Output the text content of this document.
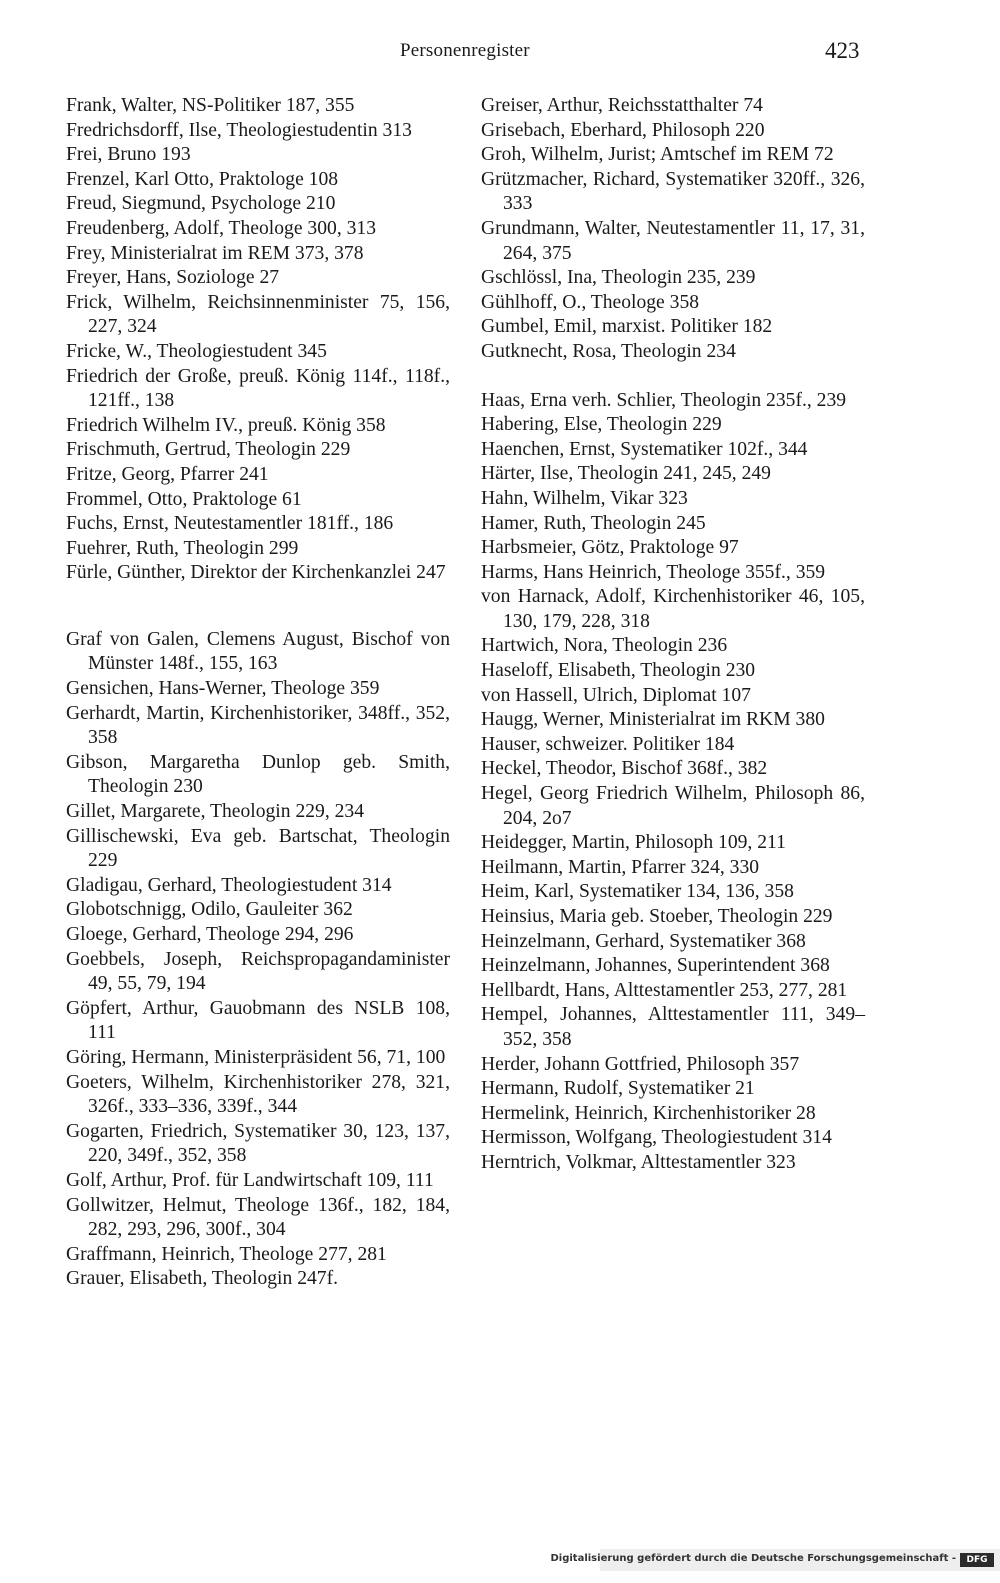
Personenregister	423

Frank, Walter, NS-Politiker 187, 355

Fredrichsdorff, Ilse, Theologiestudentin 313

Frei, Bruno 193

Frenzel, Karl Otto, Praktologe 108

Freud, Siegmund, Psychologe 210

Freudenberg, Adolf, Theologe 300, 313

Frey, Ministerialrat im REM 373, 378

Freyer, Hans, Soziologe 27

Frick, Wilhelm, Reichsinnenminister 75, 156, 227, 324

Fricke, W., Theologiestudent 345

Friedrich der Große, preuß. König 114f., 118f., 121ff., 138

Friedrich Wilhelm IV., preuß. König 358

Frischmuth, Gertrud, Theologin 229

Fritze, Georg, Pfarrer 241

Frommel, Otto, Praktologe 61

Fuchs, Ernst, Neutestamentler 181ff., 186

Fuehrer, Ruth, Theologin 299

Fürle, Günther, Direktor der Kirchenkanzlei 247

Graf von Galen, Clemens August, Bischof von Münster 148f., 155, 163

Gensichen, Hans-Werner, Theologe 359

Gerhardt, Martin, Kirchenhistoriker, 348ff., 352, 358

Gibson, Margaretha Dunlop geb. Smith, Theologin 230

Gillet, Margarete, Theologin 229, 234

Gillischewski, Eva geb. Bartschat, Theologin 229

Gladigau, Gerhard, Theologiestudent 314

Globotschnigg, Odilo, Gauleiter 362

Gloege, Gerhard, Theologe 294, 296

Goebbels, Joseph, Reichspropagandaminister 49, 55, 79, 194

Göpfert, Arthur, Gauobmann des NSLB 108, 111

Göring, Hermann, Ministerpräsident 56, 71, 100

Goeters, Wilhelm, Kirchenhistoriker 278, 321, 326f., 333–336, 339f., 344

Gogarten, Friedrich, Systematiker 30, 123, 137, 220, 349f., 352, 358

Golf, Arthur, Prof. für Landwirtschaft 109, 111

Gollwitzer, Helmut, Theologe 136f., 182, 184, 282, 293, 296, 300f., 304

Graffmann, Heinrich, Theologe 277, 281

Grauer, Elisabeth, Theologin 247f.

Greiser, Arthur, Reichsstatthalter 74

Grisebach, Eberhard, Philosoph 220

Groh, Wilhelm, Jurist; Amtschef im REM 72

Grützmacher, Richard, Systematiker 320ff., 326, 333

Grundmann, Walter, Neutestamentler 11, 17, 31, 264, 375

Gschlössl, Ina, Theologin 235, 239

Gühlhoff, O., Theologe 358

Gumbel, Emil, marxist. Politiker 182

Gutknecht, Rosa, Theologin 234

Haas, Erna verh. Schlier, Theologin 235f., 239

Habering, Else, Theologin 229

Haenchen, Ernst, Systematiker 102f., 344

Härter, Ilse, Theologin 241, 245, 249

Hahn, Wilhelm, Vikar 323

Hamer, Ruth, Theologin 245

Harbsmeier, Götz, Praktologe 97

Harms, Hans Heinrich, Theologe 355f., 359

von Harnack, Adolf, Kirchenhistoriker 46, 105, 130, 179, 228, 318

Hartwich, Nora, Theologin 236

Haseloff, Elisabeth, Theologin 230

von Hassell, Ulrich, Diplomat 107

Haugg, Werner, Ministerialrat im RKM 380

Hauser, schweizer. Politiker 184

Heckel, Theodor, Bischof 368f., 382

Hegel, Georg Friedrich Wilhelm, Philosoph 86, 204, 2o7

Heidegger, Martin, Philosoph 109, 211

Heilmann, Martin, Pfarrer 324, 330

Heim, Karl, Systematiker 134, 136, 358

Heinsius, Maria geb. Stoeber, Theologin 229

Heinzelmann, Gerhard, Systematiker 368

Heinzelmann, Johannes, Superintendent 368

Hellbardt, Hans, Alttestamentler 253, 277, 281

Hempel, Johannes, Alttestamentler 111, 349–352, 358

Herder, Johann Gottfried, Philosoph 357

Hermann, Rudolf, Systematiker 21

Hermelink, Heinrich, Kirchenhistoriker 28

Hermisson, Wolfgang, Theologiestudent 314

Herntrich, Volkmar, Alttestamentler 323

Digitalisierung gefördert durch die Deutsche Forschungsgemeinschaft -	DFG
